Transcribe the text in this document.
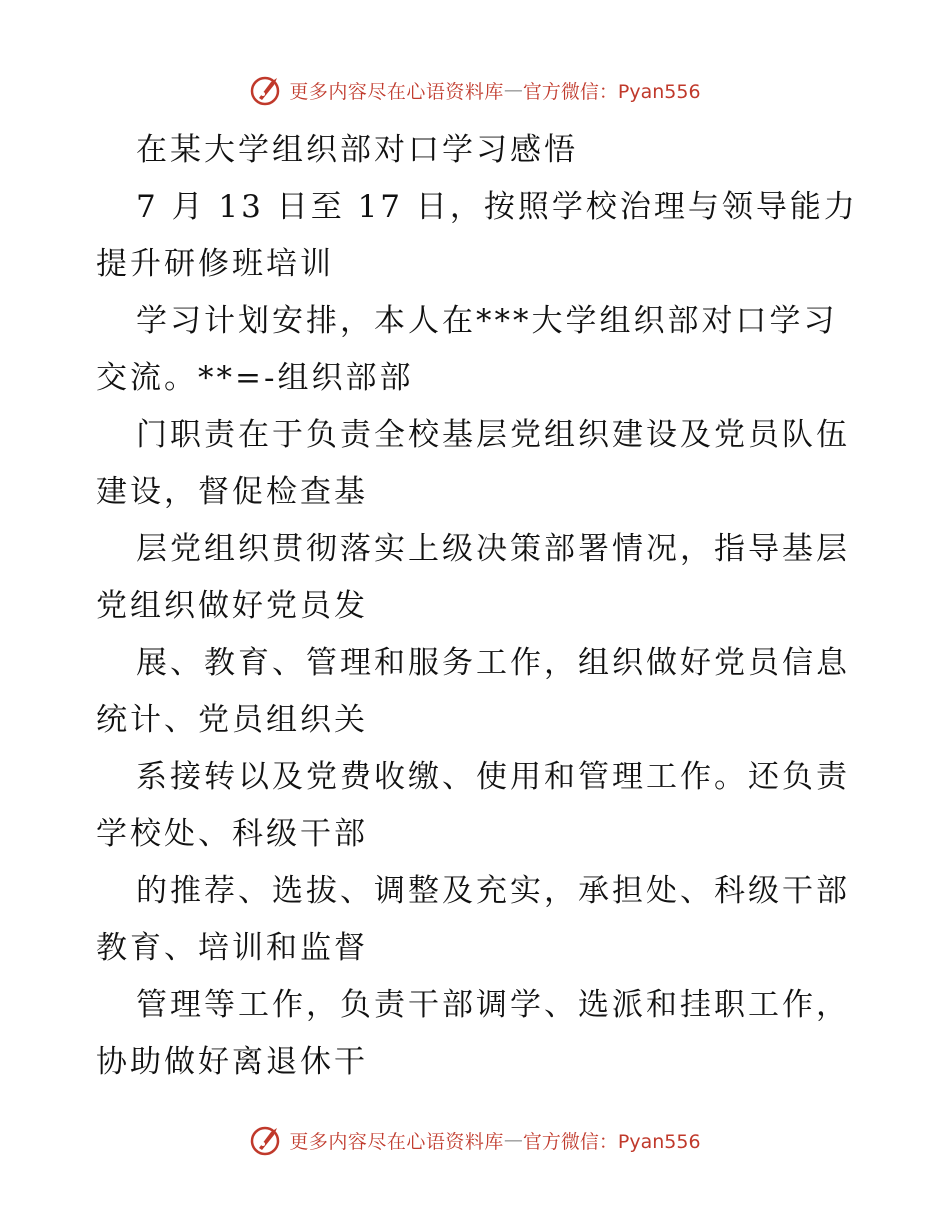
更多内容尽在心语资料库 — 官方微信：Pyan556
在某大学组织部对口学习感悟
7 月 13 日至 17 日，按照学校治理与领导能力
提升研修班培训
学习计划安排，本人在***大学组织部对口学习
交流。**=-组织部部
门职责在于负责全校基层党组织建设及党员队伍
建设，督促检查基
层党组织贯彻落实上级决策部署情况，指导基层
党组织做好党员发
展、教育、管理和服务工作，组织做好党员信息
统计、党员组织关
系接转以及党费收缴、使用和管理工作。还负责
学校处、科级干部
的推荐、选拔、调整及充实，承担处、科级干部
教育、培训和监督
管理等工作，负责干部调学、选派和挂职工作，
协助做好离退休干
更多内容尽在心语资料库 — 官方微信：Pyan556
